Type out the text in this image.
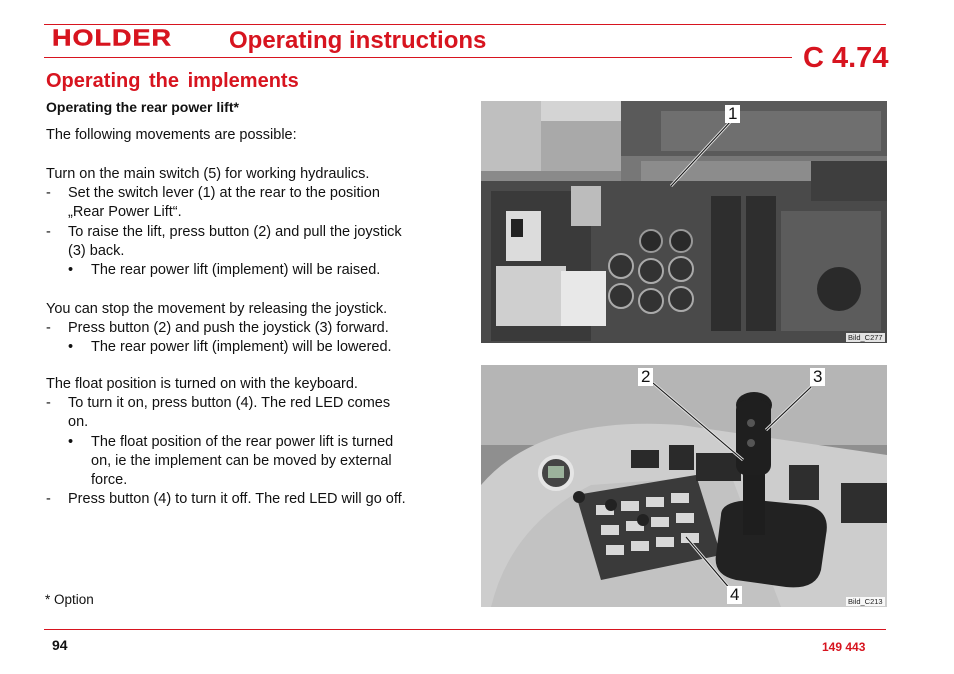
HOLDER Operating instructions
C 4.74
Operating the implements
Operating the rear power lift*
The following movements are possible:
Turn on the main switch (5) for working hydraulics.
- Set the switch lever (1) at the rear to the position
„Rear Power Lift“.
- To raise the lift, press button (2) and pull the joystick
(3) back.
• The rear power lift (implement) will be raised.
You can stop the movement by releasing the joystick.
- Press button (2) and push the joystick (3) forward.
• The rear power lift (implement) will be lowered.
The float position is turned on with the keyboard.
- To turn it on, press button (4). The red LED comes
on.
• The float position of the rear power lift is turned
on, ie the implement can be moved by external
force.
- Press button (4) to turn it off. The red LED will go off.
* Option
1
Bild_C277
2	3
4	Bild_C213
94	149 443
